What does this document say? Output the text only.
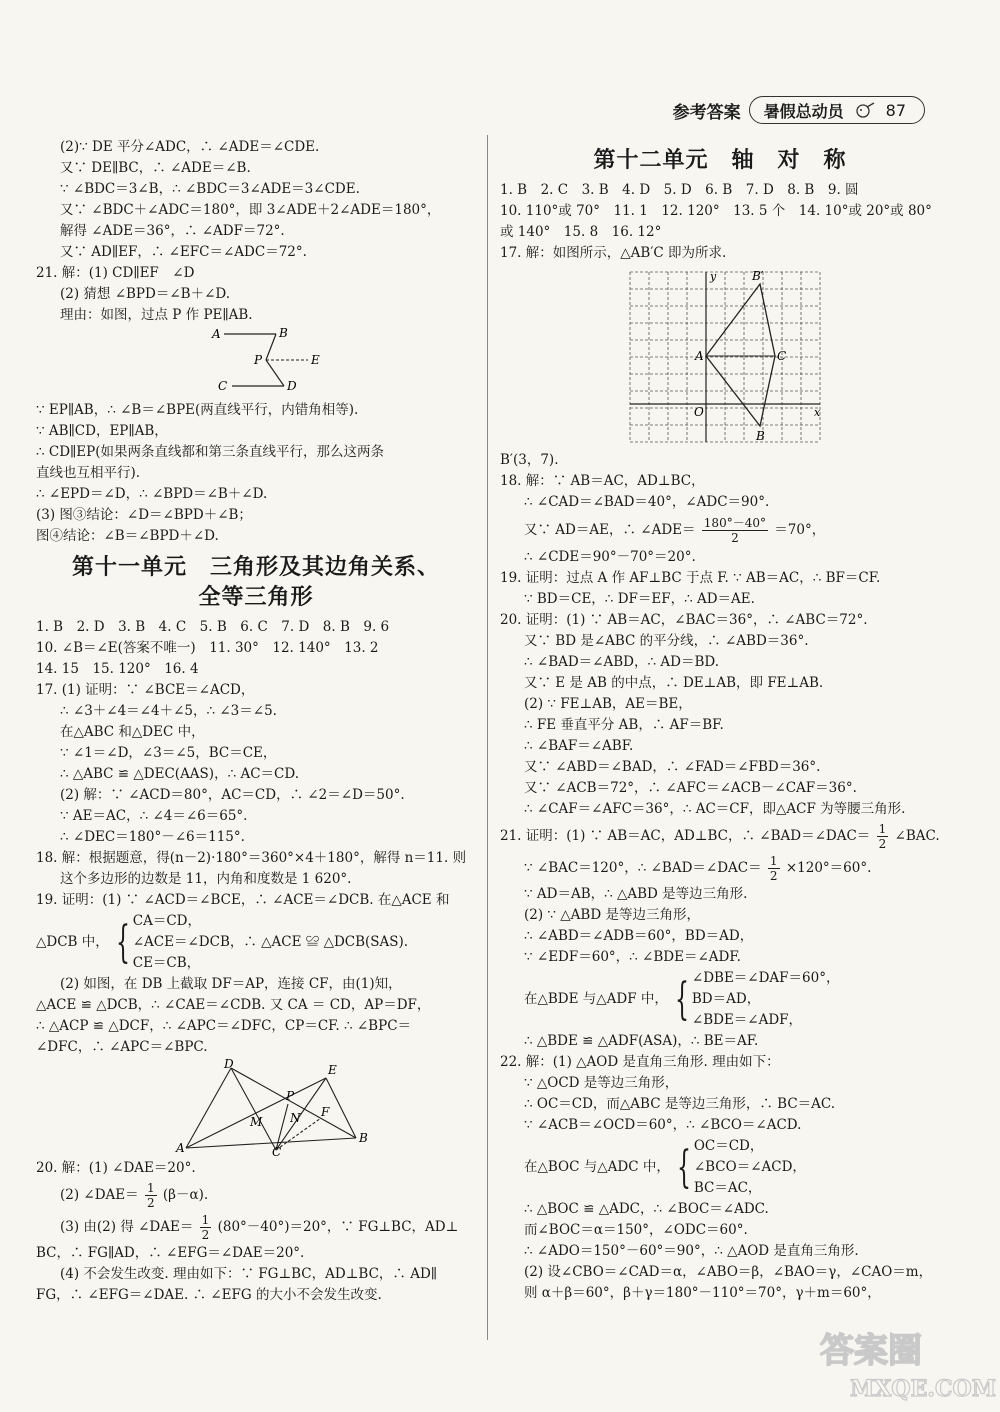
参考答案 暑假总动员	87
(2)∵ DE 平分∠ADC，∴ ∠ADE＝∠CDE.
又∵ DE∥BC，∴ ∠ADE＝∠B.
∵ ∠BDC＝3∠B，∴ ∠BDC＝3∠ADE＝3∠CDE.
又∵ ∠BDC＋∠ADC＝180°，即 3∠ADE＋2∠ADE＝180°，
解得 ∠ADE＝36°，∴ ∠ADF＝72°.
又∵ AD∥EF，∴ ∠EFC＝∠ADC＝72°.
21. 解：(1) CD∥EF　∠D
(2) 猜想 ∠BPD＝∠B＋∠D.
理由：如图，过点 P 作 PE∥AB.
A	B
P	E
C	D
∵ EP∥AB，∴ ∠B＝∠BPE(两直线平行，内错角相等).
∵ AB∥CD，EP∥AB，
∴ CD∥EP(如果两条直线都和第三条直线平行，那么这两条
直线也互相平行).
∴ ∠EPD＝∠D，∴ ∠BPD＝∠B＋∠D.
(3) 图③结论：∠D＝∠BPD＋∠B；
图④结论：∠B＝∠BPD＋∠D.
第十一单元　三角形及其边角关系、
全等三角形
1. B　2. D　3. B　4. C　5. B　6. C　7. D　8. B　9. 6
10. ∠B＝∠E(答案不唯一)　11. 30°　12. 140°　13. 2
14. 15　15. 120°　16. 4
17. (1) 证明：∵ ∠BCE＝∠ACD，
∴ ∠3＋∠4＝∠4＋∠5，∴ ∠3＝∠5.
在△ABC 和△DEC 中，
∵ ∠1＝∠D，∠3＝∠5，BC＝CE，
∴ △ABC ≌ △DEC(AAS)，∴ AC＝CD.
(2) 解：∵ ∠ACD＝80°，AC＝CD，∴ ∠2＝∠D＝50°.
∵ AE＝AC，∴ ∠4＝∠6＝65°.
∴ ∠DEC＝180°－∠6＝115°.
18. 解：根据题意，得(n－2)·180°＝360°×4＋180°，解得 n＝11. 则
这个多边形的边数是 11，内角和度数是 1 620°.
19. 证明：(1) ∵ ∠ACD＝∠BCE，∴ ∠ACE＝∠DCB. 在△ACE 和
△DCB 中， { CA＝CD，
∠ACE＝∠DCB，∴ △ACE ≌ △DCB(SAS).
CE＝CB，
(2) 如图，在 DB 上截取 DF＝AP，连接 CF，由(1)知，
△ACE ≌ △DCB，∴ ∠CAE＝∠CDB. 又 CA ＝ CD，AP＝DF，
∴ △ACP ≌ △DCF，∴ ∠APC＝∠DFC，CP＝CF. ∴ ∠BPC＝
∠DFC，∴ ∠APC＝∠BPC.
D	E
P
F
M N
A	C
B
20. 解：(1) ∠DAE＝20°.
(2) ∠DAE＝ $\frac{1}{2} (\beta-\alpha)$.
(3) 由(2) 得 ∠DAE＝ $\frac{1}{2} (80^\circ-40^\circ)=20^\circ$，∵ FG⊥BC，AD⊥
BC，∴ FG∥AD，∴ ∠EFG＝∠DAE＝20°.
(4) 不会发生改变. 理由如下：∵ FG⊥BC，AD⊥BC，∴ AD∥
FG，∴ ∠EFG＝∠DAE. ∴ ∠EFG 的大小不会发生改变.
第十二单元　轴　对　称
1. B　2. C　3. B　4. D　5. D　6. B　7. D　8. B　9. 圆
10. 110°或 70°　11. 1　12. 120°　13. 5 个　14. 10°或 20°或 80°
或 140°　15. 8　16. 12°
17. 解：如图所示，△AB′C 即为所求.
y	B′
A	C
O	x
B
B′(3，7).
18. 解：∵ AB＝AC，AD⊥BC，
∴ ∠CAD＝∠BAD＝40°，∠ADC＝90°.
又∵ AD＝AE，∴ ∠ADE＝ $\frac{180^\circ-40^\circ}{2} =70^\circ$，
∴ ∠CDE＝90°－70°＝20°.
19. 证明：过点 A 作 AF⊥BC 于点 F. ∵ AB＝AC，∴ BF＝CF.
∵ BD＝CE，∴ DF＝EF，∴ AD＝AE.
20. 证明：(1) ∵ AB＝AC，∠BAC＝36°，∴ ∠ABC＝72°.
又∵ BD 是∠ABC 的平分线，∴ ∠ABD＝36°.
∴ ∠BAD＝∠ABD，∴ AD＝BD.
又∵ E 是 AB 的中点，∴ DE⊥AB，即 FE⊥AB.
(2) ∵ FE⊥AB，AE＝BE，
∴ FE 垂直平分 AB，∴ AF＝BF.
∴ ∠BAF＝∠ABF.
又∵ ∠ABD＝∠BAD，∴ ∠FAD＝∠FBD＝36°.
又∵ ∠ACB＝72°，∴ ∠AFC＝∠ACB－∠CAF＝36°.
∴ ∠CAF＝∠AFC＝36°，∴ AC＝CF，即△ACF 为等腰三角形.
21. 证明：(1) ∵ AB＝AC，AD⊥BC，∴ ∠BAD＝∠DAC＝ $\frac{1}{2}$ ∠BAC.
∵ ∠BAC＝120°，∴ ∠BAD＝∠DAC＝ $\frac{1}{2} \times 120^\circ=60^\circ$.
∵ AD＝AB，∴ △ABD 是等边三角形.
(2) ∵ △ABD 是等边三角形，
∴ ∠ABD＝∠ADB＝60°，BD＝AD，
∵ ∠EDF＝60°，∴ ∠BDE＝∠ADF.
在△BDE 与△ADF 中， { ∠DBE＝∠DAF＝60°，
BD＝AD，
∠BDE＝∠ADF，
∴ △BDE ≌ △ADF(ASA)，∴ BE＝AF.
22. 解：(1) △AOD 是直角三角形. 理由如下：
∵ △OCD 是等边三角形，
∴ OC＝CD，而△ABC 是等边三角形，∴ BC＝AC.
∵ ∠ACB＝∠OCD＝60°，∴ ∠BCO＝∠ACD.
在△BOC 与△ADC 中， { OC＝CD，
∠BCO＝∠ACD，
BC＝AC，
∴ △BOC ≌ △ADC，∴ ∠BOC＝∠ADC.
而∠BOC＝α＝150°，∠ODC＝60°.
∴ ∠ADO＝150°－60°＝90°，∴ △AOD 是直角三角形.
(2) 设∠CBO＝∠CAD＝α，∠ABO＝β，∠BAO＝γ，∠CAO＝m，
则 α＋β＝60°，β＋γ＝180°－110°＝70°，γ＋m＝60°，
答案圈
MXQE.COM
